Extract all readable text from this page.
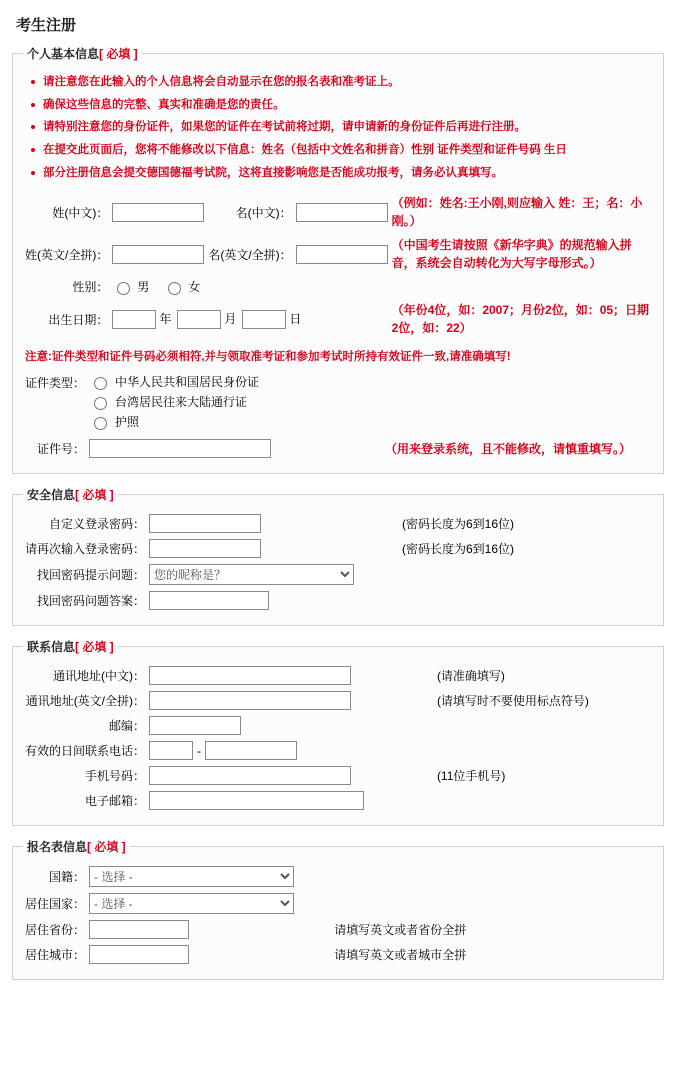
考生注册
个人基本信息[ 必填 ]
请注意您在此输入的个人信息将会自动显示在您的报名表和准考证上。
确保这些信息的完整、真实和准确是您的责任。
请特别注意您的身份证件，如果您的证件在考试前将过期，请申请新的身份证件后再进行注册。
在提交此页面后，您将不能修改以下信息：姓名（包括中文姓名和拼音）性别 证件类型和证件号码 生日
部分注册信息会提交德国德福考试院，这将直接影响您是否能成功报考，请务必认真填写。
姓(中文)：		名(中文)：		（例如：姓名:王小刚,则应输入 姓：王；名：小刚。）
姓(英文/全拼)：		名(英文/全拼)：		（中国考生请按照《新华字典》的规范输入拼音，系统会自动转化为大写字母形式。）
性别：	男 女			

出生日期：	年 月 日			（年份4位，如：2007；月份2位，如：05；日期2位，如：22）
注意:证件类型和证件号码必须相符,并与领取准考证和参加考试时所持有效证件一致,请准确填写!
证件类型：	中华人民共和国居民身份证
台湾居民往来大陆通行证
护照	

证件号：		（用来登录系统，且不能修改，请慎重填写。）
安全信息[ 必填 ]
自定义登录密码：		(密码长度为6到16位)
请再次输入登录密码：		(密码长度为6到16位)
找回密码提示问题：	
您的昵称是？
找回密码问题答案：	
联系信息[ 必填 ]
通讯地址(中文)：		(请准确填写)
通讯地址(英文/全拼)：		(请填写时不要使用标点符号)
邮编：	
有效的日间联系电话：	-	
手机号码：		(11位手机号)
电子邮箱：	
报名表信息[ 必填 ]
国籍：	
- 选择 -
居住国家：	
- 选择 -
居住省份：		请填写英文或者省份全拼
居住城市：		请填写英文或者城市全拼
